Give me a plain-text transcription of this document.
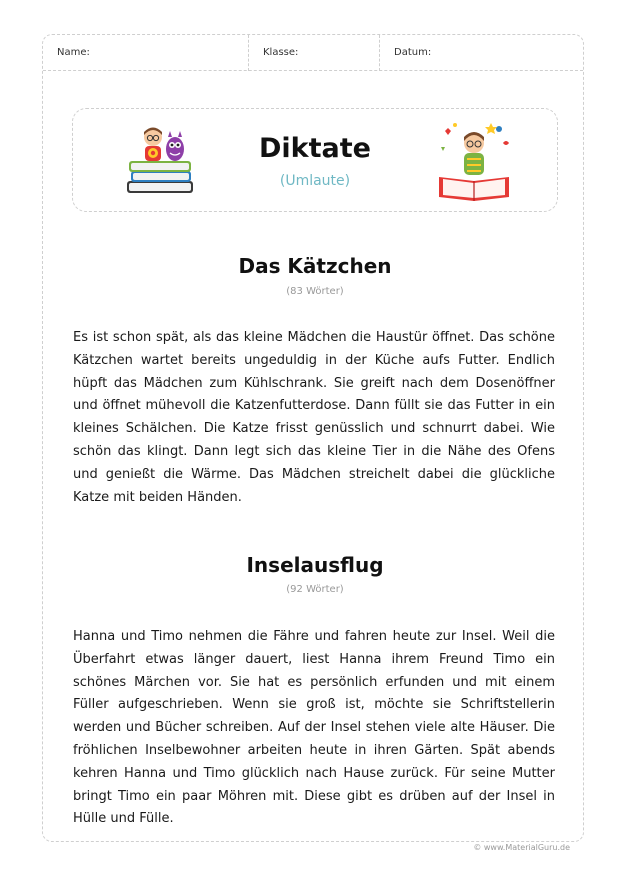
Name:	Klasse:	Datum:
Diktate
(Umlaute)
Das Kätzchen
(83 Wörter)
Es ist schon spät, als das kleine Mädchen die Haustür öffnet. Das schöne Kätzchen wartet bereits ungeduldig in der Küche aufs Futter. Endlich hüpft das Mädchen zum Kühlschrank. Sie greift nach dem Dosenöffner und öffnet mühevoll die Katzenfutterdose. Dann füllt sie das Futter in ein kleines Schälchen. Die Katze frisst genüsslich und schnurrt dabei. Wie schön das klingt. Dann legt sich das kleine Tier in die Nähe des Ofens und genießt die Wärme. Das Mädchen streichelt dabei die glückliche Katze mit beiden Händen.
Inselausflug
(92 Wörter)
Hanna und Timo nehmen die Fähre und fahren heute zur Insel. Weil die Überfahrt etwas länger dauert, liest Hanna ihrem Freund Timo ein schönes Märchen vor. Sie hat es persönlich erfunden und mit einem Füller aufgeschrieben. Wenn sie groß ist, möchte sie Schriftstellerin werden und Bücher schreiben. Auf der Insel stehen viele alte Häuser. Die fröhlichen Inselbewohner arbeiten heute in ihren Gärten. Spät abends kehren Hanna und Timo glücklich nach Hause zurück. Für seine Mutter bringt Timo ein paar Möhren mit. Diese gibt es drüben auf der Insel in Hülle und Fülle.
© www.MaterialGuru.de
